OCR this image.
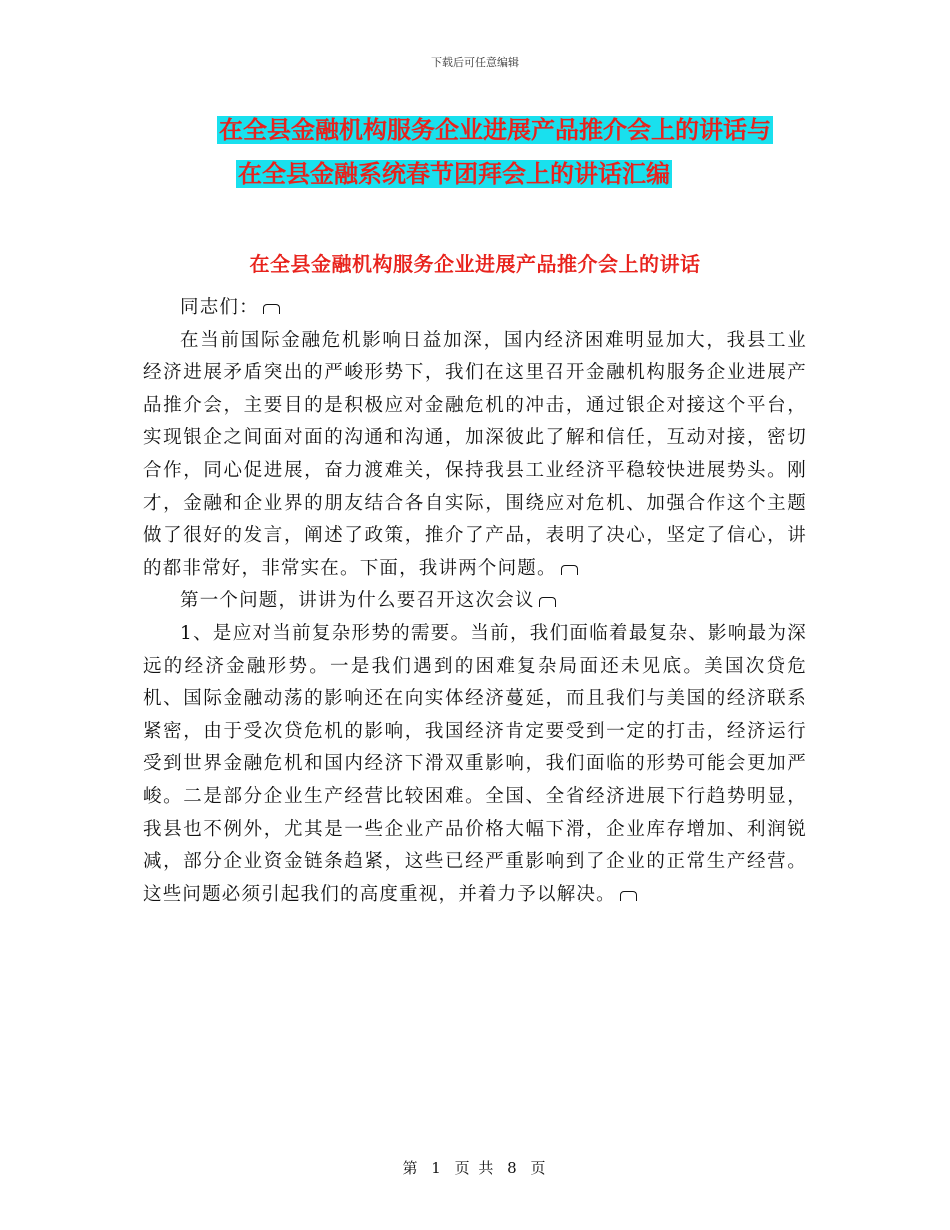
下载后可任意编辑
在全县金融机构服务企业进展产品推介会上的讲话与
在全县金融系统春节团拜会上的讲话汇编
在全县金融机构服务企业进展产品推介会上的讲话

同志们：

在当前国际金融危机影响日益加深，国内经济困难明显加大，我县工业经济进展矛盾突出的严峻形势下，我们在这里召开金融机构服务企业进展产品推介会，主要目的是积极应对金融危机的冲击，通过银企对接这个平台，实现银企之间面对面的沟通和沟通，加深彼此了解和信任，互动对接，密切合作，同心促进展，奋力渡难关，保持我县工业经济平稳较快进展势头。刚才，金融和企业界的朋友结合各自实际，围绕应对危机、加强合作这个主题做了很好的发言，阐述了政策，推介了产品，表明了决心，坚定了信心，讲的都非常好，非常实在。下面，我讲两个问题。

第一个问题，讲讲为什么要召开这次会议

1、是应对当前复杂形势的需要。当前，我们面临着最复杂、影响最为深远的经济金融形势。一是我们遇到的困难复杂局面还未见底。美国次贷危机、国际金融动荡的影响还在向实体经济蔓延，而且我们与美国的经济联系紧密，由于受次贷危机的影响，我国经济肯定要受到一定的打击，经济运行受到世界金融危机和国内经济下滑双重影响，我们面临的形势可能会更加严峻。二是部分企业生产经营比较困难。全国、全省经济进展下行趋势明显，我县也不例外，尤其是一些企业产品价格大幅下滑，企业库存增加、利润锐减，部分企业资金链条趋紧，这些已经严重影响到了企业的正常生产经营。这些问题必须引起我们的高度重视，并着力予以解决。

第 1 页 共 8 页
